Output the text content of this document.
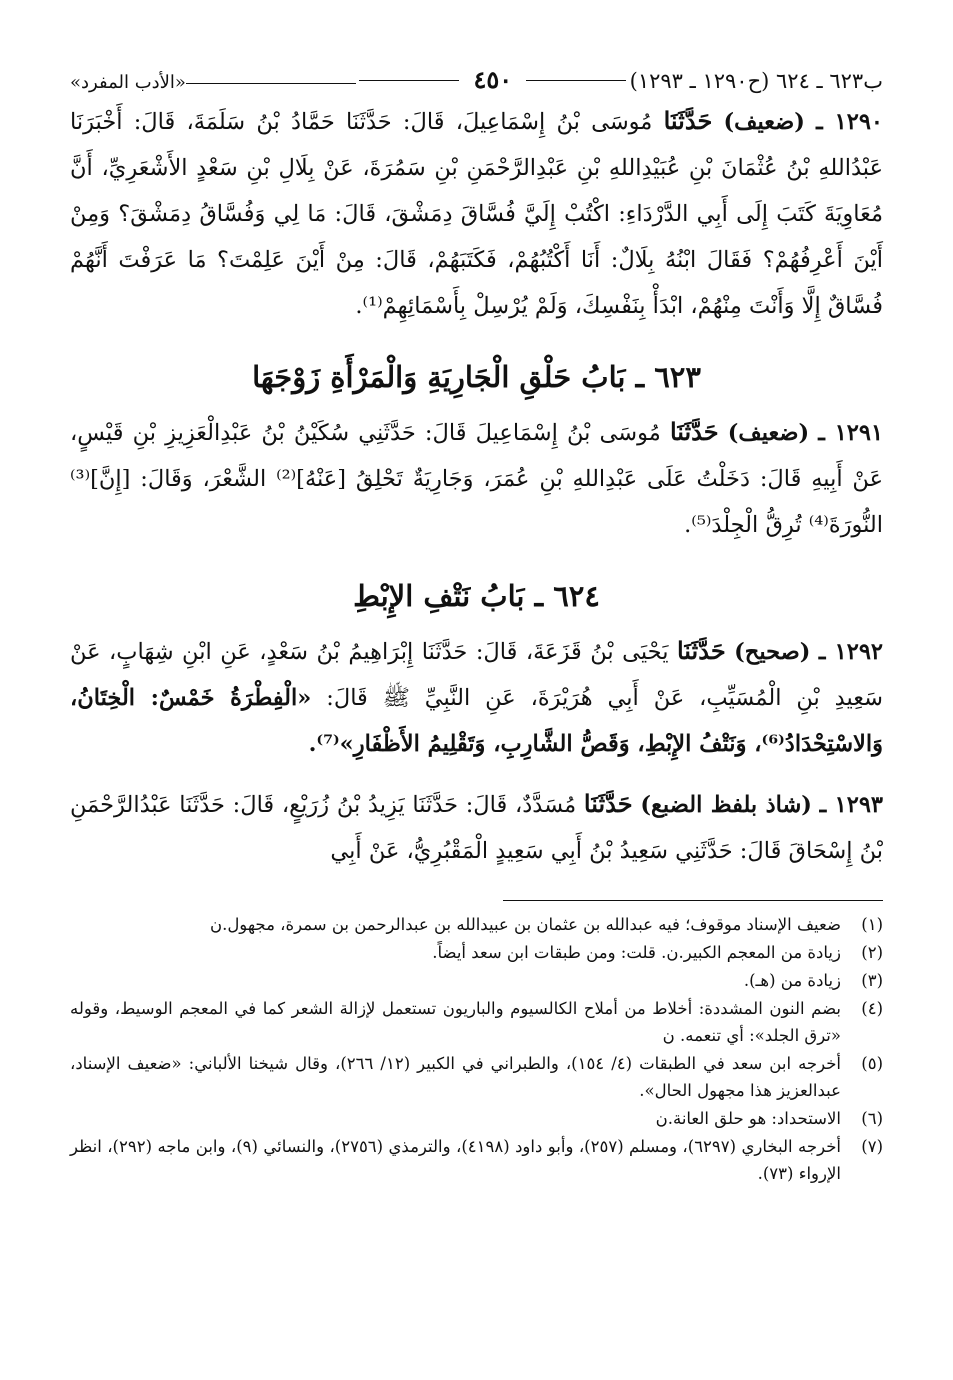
ب٦٢٣ ـ ٦٢٤ (ح١٢٩٠ ـ ١٢٩٣)
٤٥٠
«الأدب المفرد»

١٢٩٠ ـ (ضعيف) حَدَّثَنَا مُوسَى بْنُ إِسْمَاعِيلَ، قَالَ: حَدَّثَنَا حَمَّادُ بْنُ سَلَمَةَ، قَالَ: أَخْبَرَنَا عَبْدُاللهِ بْنُ عُثْمَانَ بْنِ عُبَيْدِاللهِ بْنِ عَبْدِالرَّحْمَنِ بْنِ سَمُرَةَ، عَنْ بِلَالِ بْنِ سَعْدٍ الأَشْعَرِيِّ، أَنَّ مُعَاوِيَةَ كَتَبَ إِلَى أَبِي الدَّرْدَاءِ: اكْتُبْ إِلَيَّ فُسَّاقَ دِمَشْقَ، قَالَ: مَا لِي وَفُسَّاقُ دِمَشْقَ؟ وَمِنْ أَيْنَ أَعْرِفُهُمْ؟ فَقَالَ ابْنُهُ بِلَالٌ: أَنَا أَكْتُبُهُمْ، فَكَتَبَهُمْ، قَالَ: مِنْ أَيْنَ عَلِمْتَ؟ مَا عَرَفْتَ أَنَّهُمْ فُسَّاقٌ إِلَّا وَأَنْتَ مِنْهُمْ، ابْدَأْ بِنَفْسِكَ، وَلَمْ يُرْسِلْ بِأَسْمَائِهِمْ⁽¹⁾.

٦٢٣ ـ بَابُ حَلْقِ الْجَارِيَةِ وَالْمَرْأَةِ زَوْجَهَا

١٢٩١ ـ (ضعيف) حَدَّثَنَا مُوسَى بْنُ إِسْمَاعِيلَ قَالَ: حَدَّثَنِي سُكَيْنُ بْنُ عَبْدِالْعَزِيزِ بْنِ قَيْسٍ، عَنْ أَبِيهِ قَالَ: دَخَلْتُ عَلَى عَبْدِاللهِ بْنِ عُمَرَ، وَجَارِيَةٌ تَحْلِقُ [عَنْهُ]⁽²⁾ الشَّعْرَ، وَقَالَ: [إِنَّ]⁽³⁾ النُّورَةَ⁽⁴⁾ تُرِقُّ الْجِلْدَ⁽⁵⁾.

٦٢٤ ـ بَابُ نَتْفِ الإِبْطِ

١٢٩٢ ـ (صحيح) حَدَّثَنَا يَحْيَى بْنُ قَزَعَةَ، قَالَ: حَدَّثَنَا إِبْرَاهِيمُ بْنُ سَعْدٍ، عَنِ ابْنِ شِهَابٍ، عَنْ سَعِيدِ بْنِ الْمُسَيِّبِ، عَنْ أَبِي هُرَيْرَةَ، عَنِ النَّبِيِّ ﷺ قَالَ: «الْفِطْرَةُ خَمْسٌ: الْخِتَانُ، وَالاسْتِحْدَادُ⁽⁶⁾، وَنَتْفُ الإِبْطِ، وَقَصُّ الشَّارِبِ، وَتَقْلِيمُ الأَظْفَارِ»⁽⁷⁾.

١٢٩٣ ـ (شاذ بلفظ الضبع) حَدَّثَنَا مُسَدَّدٌ، قَالَ: حَدَّثَنَا يَزِيدُ بْنُ زُرَيْعٍ، قَالَ: حَدَّثَنَا عَبْدُالرَّحْمَنِ بْنُ إِسْحَاقَ قَالَ: حَدَّثَنِي سَعِيدُ بْنُ أَبِي سَعِيدٍ الْمَقْبُرِيُّ، عَنْ أَبِي

(١)
ضعيف الإسناد موقوف؛ فيه عبدالله بن عثمان بن عبيدالله بن عبدالرحمن بن سمرة، مجهول.ن
(٢)
زيادة من المعجم الكبير.ن. قلت: ومن طبقات ابن سعد أيضاً.
(٣)
زيادة من (هـ).
(٤)
بضم النون المشددة: أخلاط من أملاح الكالسيوم والباريون تستعمل لإزالة الشعر كما في المعجم الوسيط، وقوله «ترق الجلد»: أي تنعمه. ن
(٥)
أخرجه ابن سعد في الطبقات (٤/ ١٥٤)، والطبراني في الكبير (١٢/ ٢٦٦)، وقال شيخنا الألباني: «ضعيف الإسناد، عبدالعزيز هذا مجهول الحال».
(٦)
الاستحداد: هو حلق العانة.ن
(٧)
أخرجه البخاري (٦٢٩٧)، ومسلم (٢٥٧)، وأبو داود (٤١٩٨)، والترمذي (٢٧٥٦)، والنسائي (٩)، وابن ماجه (٢٩٢)، انظر الإرواء (٧٣).
